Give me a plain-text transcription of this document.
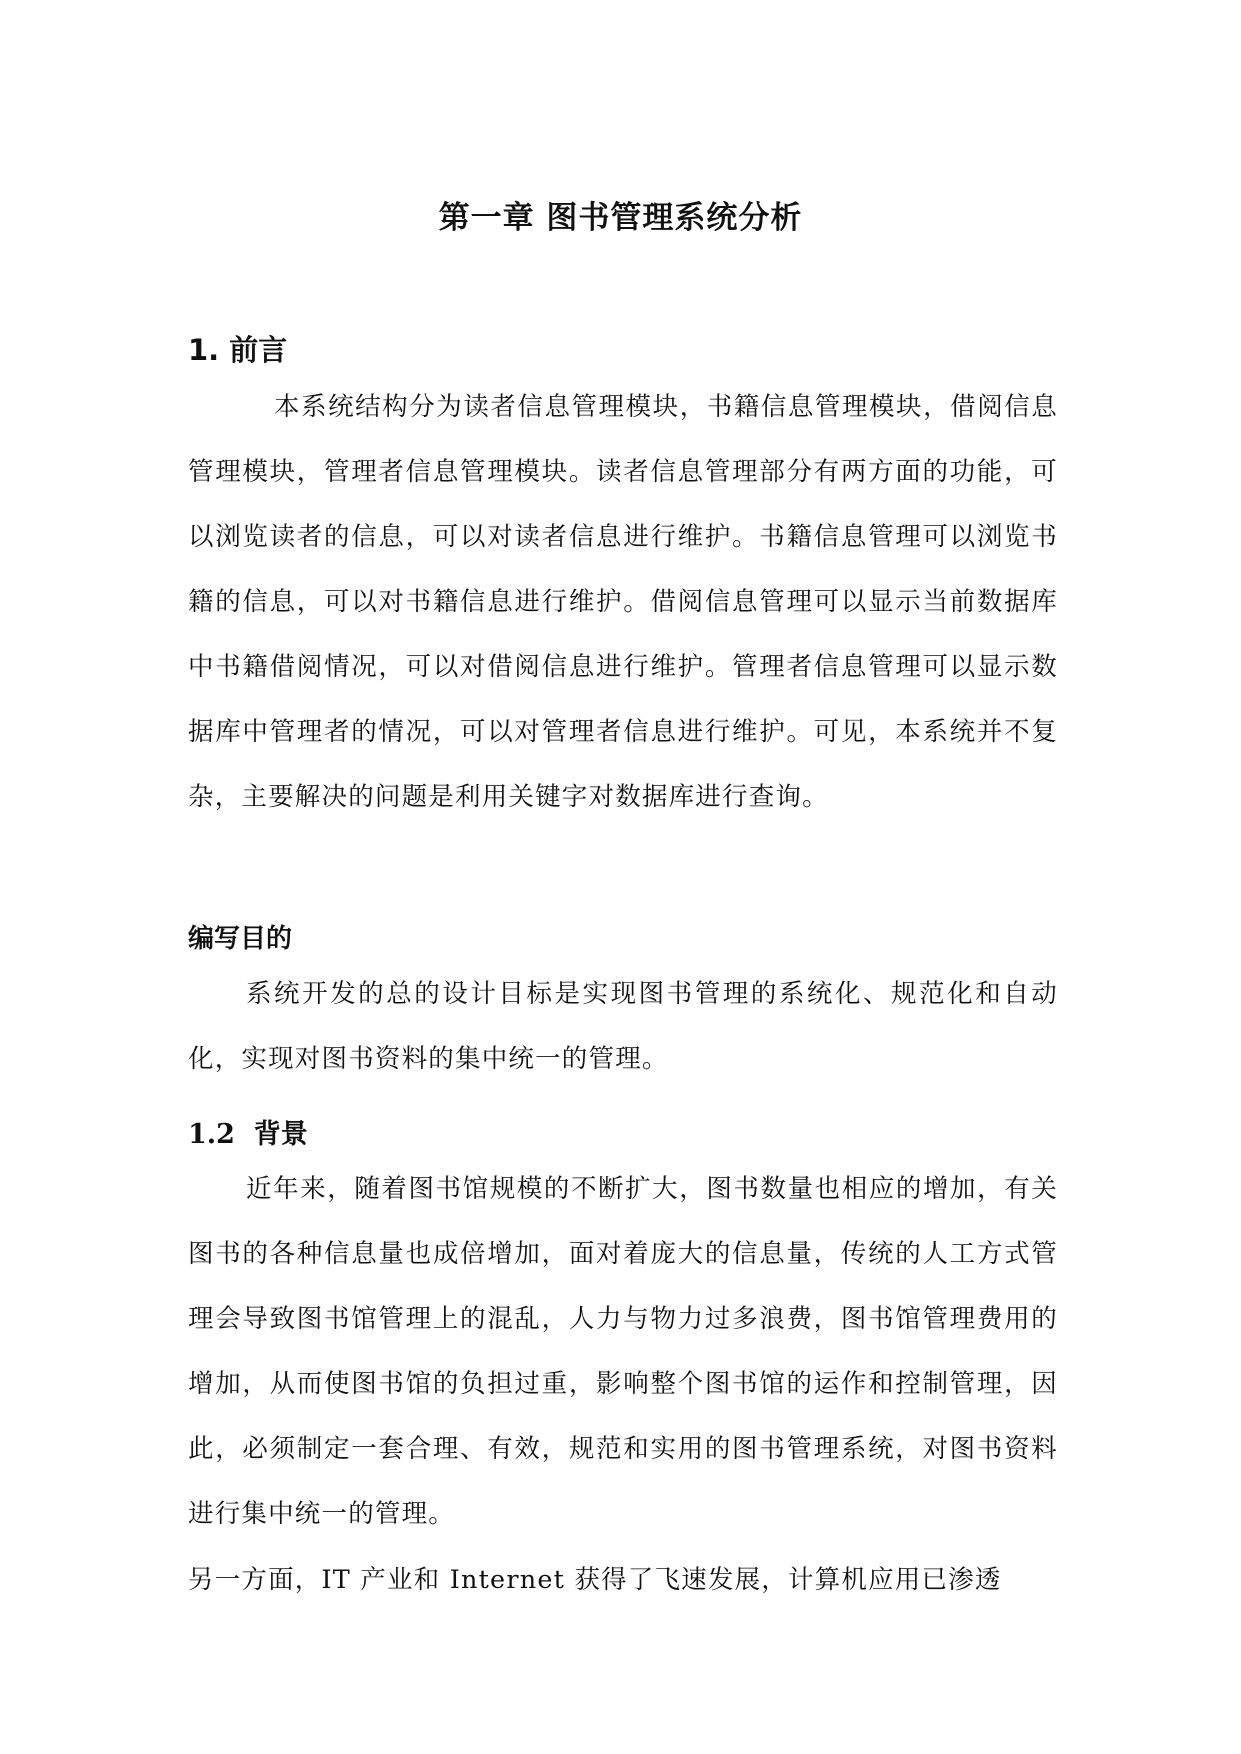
第一章 图书管理系统分析
1. 前言

本系统结构分为读者信息管理模块，书籍信息管理模块，借阅信息管理模块，管理者信息管理模块。读者信息管理部分有两方面的功能，可以浏览读者的信息，可以对读者信息进行维护。书籍信息管理可以浏览书籍的信息，可以对书籍信息进行维护。借阅信息管理可以显示当前数据库中书籍借阅情况，可以对借阅信息进行维护。管理者信息管理可以显示数据库中管理者的情况，可以对管理者信息进行维护。可见，本系统并不复杂，主要解决的问题是利用关键字对数据库进行查询。

编写目的

系统开发的总的设计目标是实现图书管理的系统化、规范化和自动化，实现对图书资料的集中统一的管理。

1.2 背景

近年来，随着图书馆规模的不断扩大，图书数量也相应的增加，有关图书的各种信息量也成倍增加，面对着庞大的信息量，传统的人工方式管理会导致图书馆管理上的混乱，人力与物力过多浪费，图书馆管理费用的增加，从而使图书馆的负担过重，影响整个图书馆的运作和控制管理，因此，必须制定一套合理、有效，规范和实用的图书管理系统，对图书资料进行集中统一的管理。

另一方面，IT 产业和 Internet 获得了飞速发展，计算机应用已渗透
